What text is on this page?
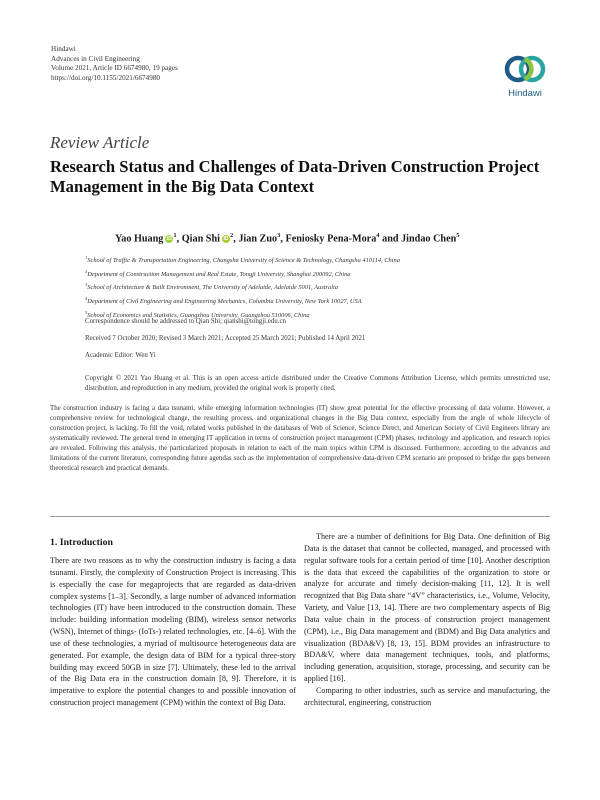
Hindawi
Advances in Civil Engineering
Volume 2021, Article ID 6674980, 19 pages
https://doi.org/10.1155/2021/6674980
Hindawi
Review Article
Research Status and Challenges of Data-Driven Construction Project Management in the Big Data Context
Yao Huang $iD^1$, Qian Shi $iD^2$, Jian Zuo$^3$, Feniosky Pena-Mora$^4$ and Jindao Chen$^5$
$^1$School of Traffic & Transportation Engineering, Changsha University of Science & Technology, Changsha 410114, China
$^2$Department of Construction Management and Real Estate, Tongji University, Shanghai 200092, China
$^3$School of Architecture & Built Environment, The University of Adelaide, Adelaide 5001, Australia
$^4$Department of Civil Engineering and Engineering Mechanics, Columbia University, New York 10027, USA
$^5$School of Economics and Statistics, Guangzhou University, Guangzhou 510006, China
Correspondence should be addressed to Qian Shi; qianshi@tongji.edu.cn
Received 7 October 2020; Revised 3 March 2021; Accepted 25 March 2021; Published 14 April 2021
Academic Editor: Wen Yi
Copyright © 2021 Yao Huang et al. This is an open access article distributed under the Creative Commons Attribution License, which permits unrestricted use, distribution, and reproduction in any medium, provided the original work is properly cited.
The construction industry is facing a data tsunami, while emerging information technologies (IT) show great potential for the effective processing of data volume. However, a comprehensive review for technological change, the resulting process, and organizational changes in the Big Data context, especially from the angle of whole lifecycle of construction project, is lacking. To fill the void, related works published in the databases of Web of Science, Science Direct, and American Society of Civil Engineers library are systematically reviewed. The general trend in emerging IT application in terms of construction project management (CPM) phases, technology and application, and research topics are revealed. Following this analysis, the particularized proposals in relation to each of the main topics within CPM is discussed. Furthermore, according to the advances and limitations of the current literature, corresponding future agendas such as the implementation of comprehensive data-driven CPM scenario are proposed to bridge the gaps between theoretical research and practical demands.
1. Introduction

There are two reasons as to why the construction industry is facing a data tsunami. Firstly, the complexity of Construction Project is increasing. This is especially the case for megaprojects that are regarded as data-driven complex systems [1–3]. Secondly, a large number of advanced information technologies (IT) have been introduced to the construction domain. These include: building information modeling (BIM), wireless sensor networks (WSN), Internet of things- (IoTs-) related technologies, etc. [4–6]. With the use of these technologies, a myriad of multisource heterogeneous data are generated. For example, the design data of BIM for a typical three-story building may exceed 50GB in size [7]. Ultimately, these led to the arrival of the Big Data era in the construction domain [8, 9]. Therefore, it is imperative to explore the potential changes to and possible innovation of construction project management (CPM) within the context of Big Data.

There are a number of definitions for Big Data. One definition of Big Data is the dataset that cannot be collected, managed, and processed with regular software tools for a certain period of time [10]. Another description is the data that exceed the capabilities of the organization to store or analyze for accurate and timely decision-making [11, 12]. It is well recognized that Big Data share “4V” characteristics, i.e., Volume, Velocity, Variety, and Value [13, 14]. There are two complementary aspects of Big Data value chain in the process of construction project management (CPM), i.e., Big Data management and (BDM) and Big Data analytics and visualization (BDA&V) [8, 13, 15]. BDM provides an infrastructure to BDA&V, where data management techniques, tools, and platforms, including generation, acquisition, storage, processing, and security can be applied [16].

Comparing to other industries, such as service and manufacturing, the architectural, engineering, construction
